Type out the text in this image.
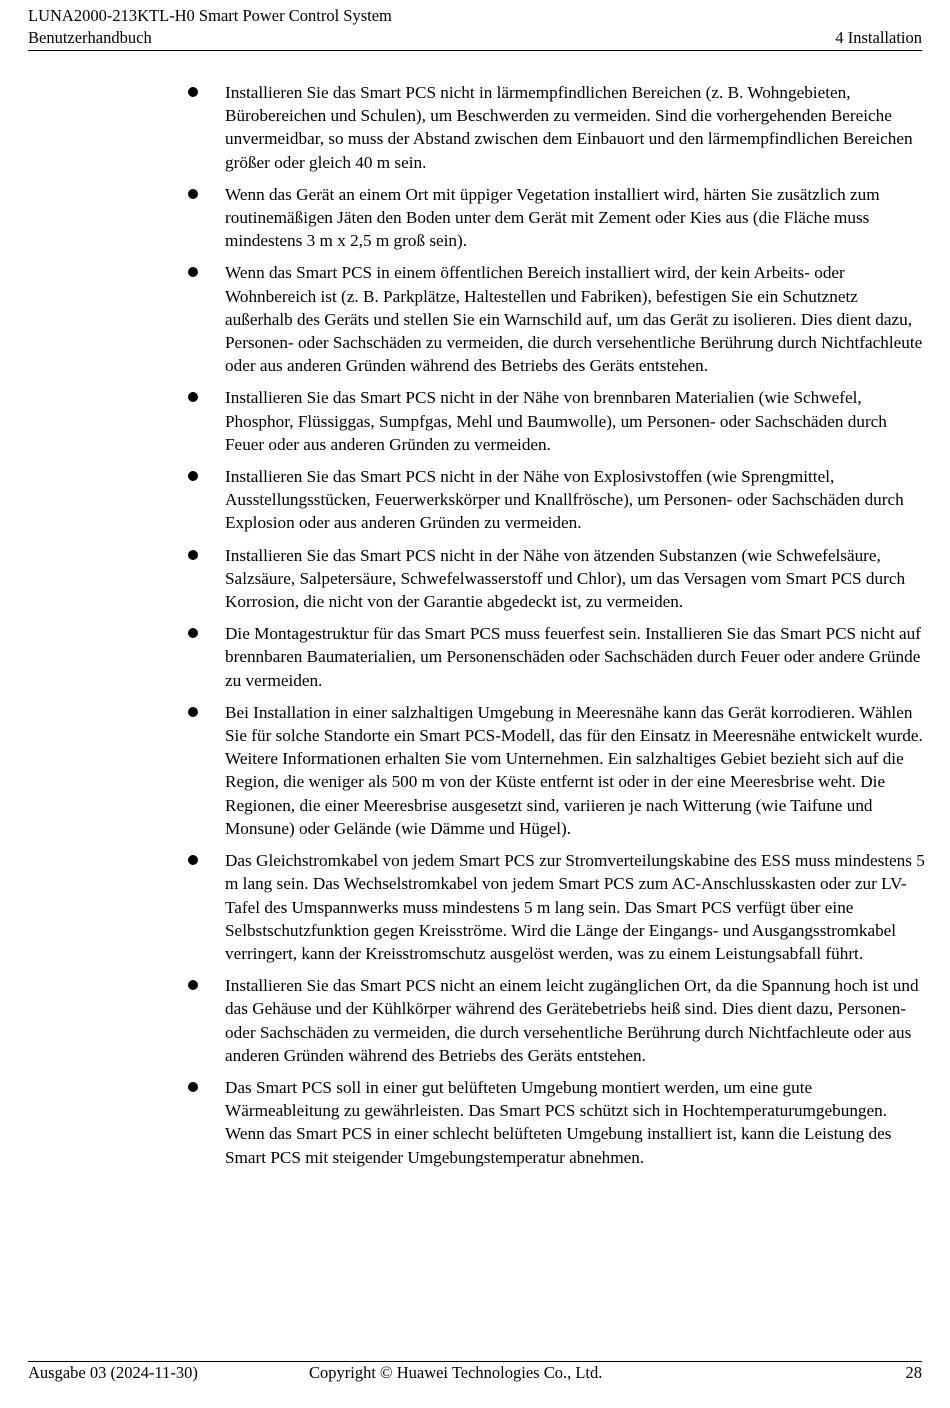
LUNA2000-213KTL-H0 Smart Power Control System
Benutzerhandbuch	4 Installation
Installieren Sie das Smart PCS nicht in lärmempfindlichen Bereichen (z. B. Wohngebieten, Bürobereichen und Schulen), um Beschwerden zu vermeiden. Sind die vorhergehenden Bereiche unvermeidbar, so muss der Abstand zwischen dem Einbauort und den lärmempfindlichen Bereichen größer oder gleich 40 m sein.
Wenn das Gerät an einem Ort mit üppiger Vegetation installiert wird, härten Sie zusätzlich zum routinemäßigen Jäten den Boden unter dem Gerät mit Zement oder Kies aus (die Fläche muss mindestens 3 m x 2,5 m groß sein).
Wenn das Smart PCS in einem öffentlichen Bereich installiert wird, der kein Arbeits- oder Wohnbereich ist (z. B. Parkplätze, Haltestellen und Fabriken), befestigen Sie ein Schutznetz außerhalb des Geräts und stellen Sie ein Warnschild auf, um das Gerät zu isolieren. Dies dient dazu, Personen- oder Sachschäden zu vermeiden, die durch versehentliche Berührung durch Nichtfachleute oder aus anderen Gründen während des Betriebs des Geräts entstehen.
Installieren Sie das Smart PCS nicht in der Nähe von brennbaren Materialien (wie Schwefel, Phosphor, Flüssiggas, Sumpfgas, Mehl und Baumwolle), um Personen- oder Sachschäden durch Feuer oder aus anderen Gründen zu vermeiden.
Installieren Sie das Smart PCS nicht in der Nähe von Explosivstoffen (wie Sprengmittel, Ausstellungsstücken, Feuerwerkskörper und Knallfrösche), um Personen- oder Sachschäden durch Explosion oder aus anderen Gründen zu vermeiden.
Installieren Sie das Smart PCS nicht in der Nähe von ätzenden Substanzen (wie Schwefelsäure, Salzsäure, Salpetersäure, Schwefelwasserstoff und Chlor), um das Versagen vom Smart PCS durch Korrosion, die nicht von der Garantie abgedeckt ist, zu vermeiden.
Die Montagestruktur für das Smart PCS muss feuerfest sein. Installieren Sie das Smart PCS nicht auf brennbaren Baumaterialien, um Personenschäden oder Sachschäden durch Feuer oder andere Gründe zu vermeiden.
Bei Installation in einer salzhaltigen Umgebung in Meeresnähe kann das Gerät korrodieren. Wählen Sie für solche Standorte ein Smart PCS-Modell, das für den Einsatz in Meeresnähe entwickelt wurde. Weitere Informationen erhalten Sie vom Unternehmen. Ein salzhaltiges Gebiet bezieht sich auf die Region, die weniger als 500 m von der Küste entfernt ist oder in der eine Meeresbrise weht. Die Regionen, die einer Meeresbrise ausgesetzt sind, variieren je nach Witterung (wie Taifune und Monsune) oder Gelände (wie Dämme und Hügel).
Das Gleichstromkabel von jedem Smart PCS zur Stromverteilungskabine des ESS muss mindestens 5 m lang sein. Das Wechselstromkabel von jedem Smart PCS zum AC-Anschlusskasten oder zur LV-Tafel des Umspannwerks muss mindestens 5 m lang sein. Das Smart PCS verfügt über eine Selbstschutzfunktion gegen Kreisströme. Wird die Länge der Eingangs- und Ausgangsstromkabel verringert, kann der Kreisstromschutz ausgelöst werden, was zu einem Leistungsabfall führt.
Installieren Sie das Smart PCS nicht an einem leicht zugänglichen Ort, da die Spannung hoch ist und das Gehäuse und der Kühlkörper während des Gerätebetriebs heiß sind. Dies dient dazu, Personen- oder Sachschäden zu vermeiden, die durch versehentliche Berührung durch Nichtfachleute oder aus anderen Gründen während des Betriebs des Geräts entstehen.
Das Smart PCS soll in einer gut belüfteten Umgebung montiert werden, um eine gute Wärmeableitung zu gewährleisten. Das Smart PCS schützt sich in Hochtemperaturumgebungen. Wenn das Smart PCS in einer schlecht belüfteten Umgebung installiert ist, kann die Leistung des Smart PCS mit steigender Umgebungstemperatur abnehmen.
Ausgabe 03 (2024-11-30)	Copyright © Huawei Technologies Co., Ltd.	28
